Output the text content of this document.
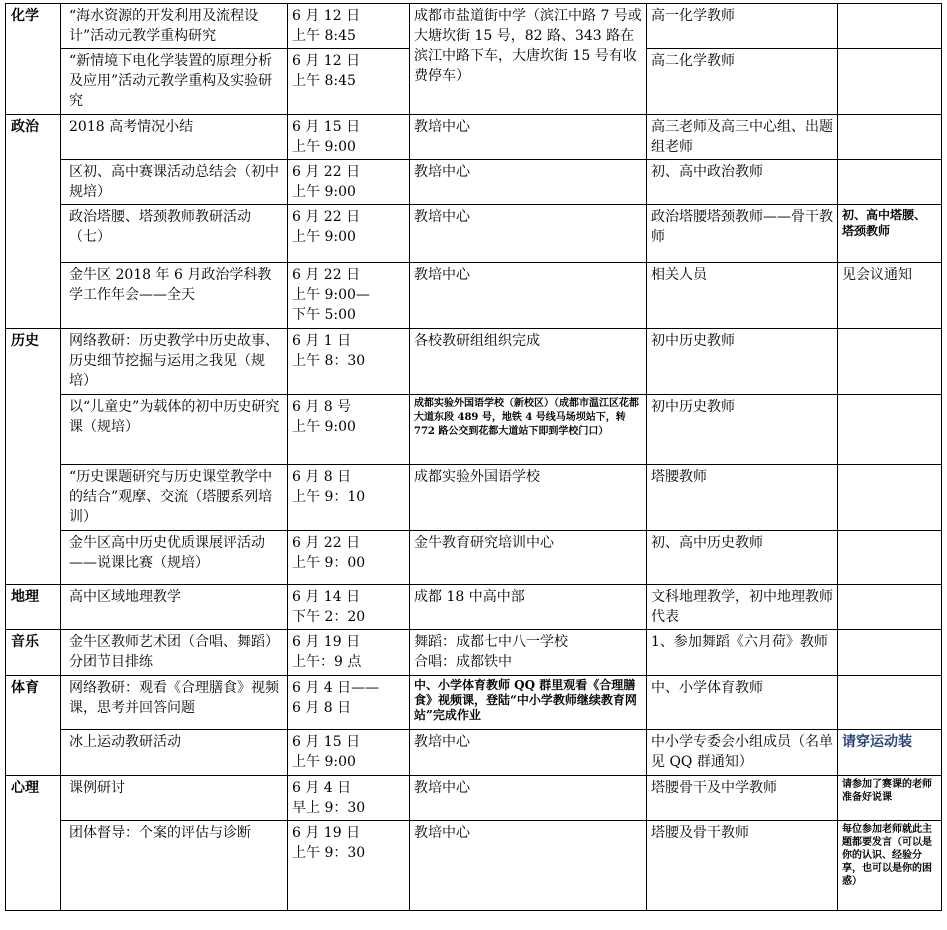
化学	“海水资源的开发利用及流程设计”活动元教学重构研究	6 月 12 日
上午 8:45	成都市盐道街中学（滨江中路 7 号或大塘坎街 15 号，82 路、343 路在滨江中路下车，大唐坎街 15 号有收费停车）	高一化学教师	
	“新情境下电化学装置的原理分析及应用”活动元教学重构及实验研究	6 月 12 日
上午 8:45		高二化学教师	
政治	2018 高考情况小结	6 月 15 日
上午 9:00	教培中心	高三老师及高三中心组、出题组老师	
	区初、高中赛课活动总结会（初中规培）	6 月 22 日
上午 9:00	教培中心	初、高中政治教师	
	政治塔腰、塔颈教师教研活动（七）	6 月 22 日
上午 9:00	教培中心	政治塔腰塔颈教师——骨干教师	初、高中塔腰、塔颈教师
	金牛区 2018 年 6 月政治学科教学工作年会——全天	6 月 22 日
上午 9:00—
下午 5:00	教培中心	相关人员	见会议通知
历史	网络教研：历史教学中历史故事、历史细节挖掘与运用之我见（规培）	6 月 1 日
上午 8：30	各校教研组组织完成	初中历史教师	
	以“儿童史”为载体的初中历史研究课（规培）	6 月 8 号
上午 9:00	成都实验外国语学校（新校区）（成都市温江区花都大道东段 489 号，地铁 4 号线马场坝站下，转 772 路公交到花都大道站下即到学校门口）	初中历史教师	
	“历史课题研究与历史课堂教学中的结合”观摩、交流（塔腰系列培训）	6 月 8 日
上午 9：10	成都实验外国语学校	塔腰教师	
	金牛区高中历史优质课展评活动——说课比赛（规培）	6 月 22 日
上午 9：00	金牛教育研究培训中心	初、高中历史教师	
地理	高中区域地理教学	6 月 14 日
下午 2：20	成都 18 中高中部	文科地理教学，初中地理教师代表	
音乐	金牛区教师艺术团（合唱、舞蹈）分团节目排练	6 月 19 日
上午：9 点	舞蹈：成都七中八一学校
合唱：成都铁中	1、参加舞蹈《六月荷》教师	
体育	网络教研：观看《合理膳食》视频课，思考并回答问题	6 月 4 日——
6 月 8 日	中、小学体育教师 QQ 群里观看《合理膳食》视频课，登陆“中小学教师继续教育网站”完成作业	中、小学体育教师	
	冰上运动教研活动	6 月 15 日
上午 9:00	教培中心	中小学专委会小组成员（名单见 QQ 群通知）	请穿运动装
心理	课例研讨	6 月 4 日
早上 9：30	教培中心	塔腰骨干及中学教师	请参加了赛课的老师准备好说课
	团体督导：个案的评估与诊断	6 月 19 日
上午 9：30	教培中心	塔腰及骨干教师	每位参加老师就此主题都要发言（可以是你的认识、经验分享，也可以是你的困惑）
